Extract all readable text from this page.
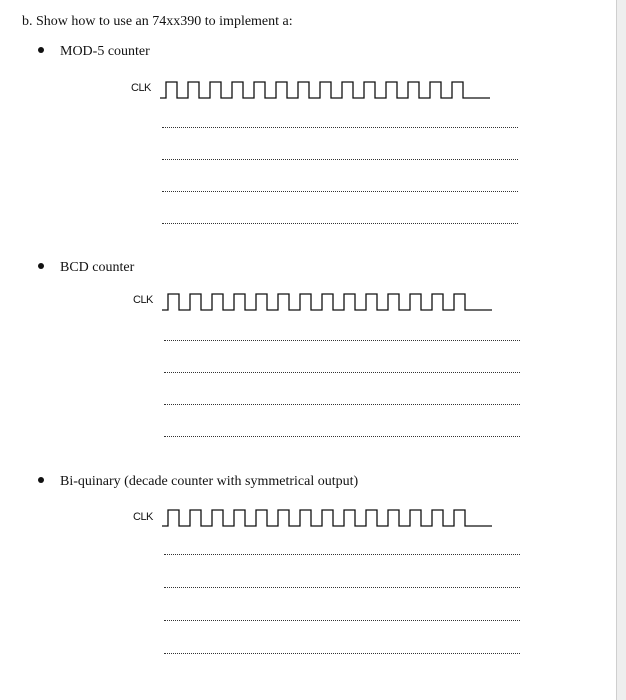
b. Show how to use an 74xx390 to implement a:
MOD-5 counter
CLK
BCD counter
CLK
Bi-quinary (decade counter with symmetrical output)
CLK
